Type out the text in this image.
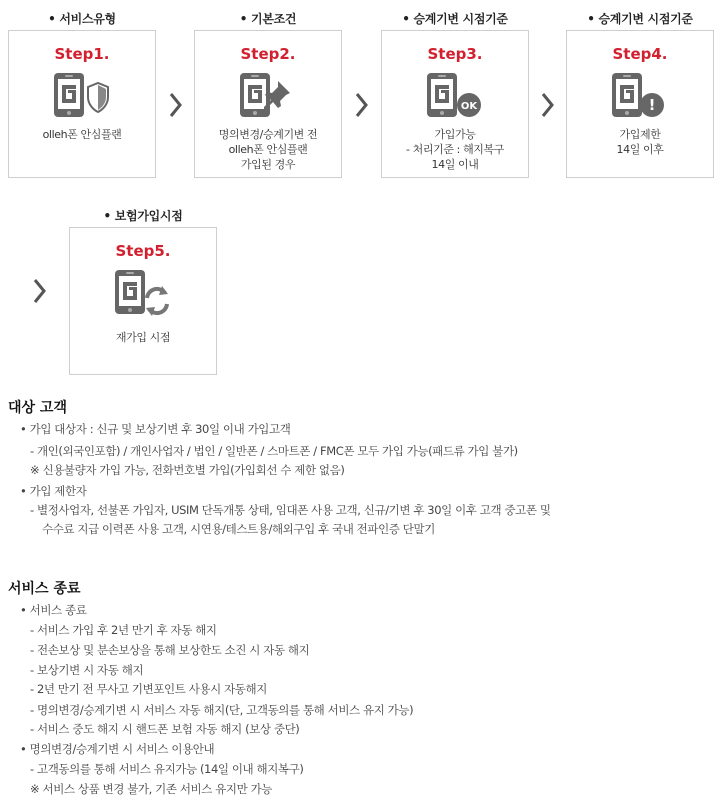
• 서비스유형
Step1.
olleh폰 안심플랜
• 기본조건
Step2.
명의변경/승계기변 전
olleh폰 안심플랜
가입된 경우
• 승계기변 시점기준
Step3.
OK
가입가능
- 처리기준 : 해지복구
14일 이내
• 승계기변 시점기준
Step4.
!
가입제한
14일 이후
• 보험가입시점
Step5.
재가입 시점
대상 고객
• 가입 대상자 : 신규 및 보상기변 후 30일 이내 가입고객
- 개인(외국인포함) / 개인사업자 / 법인 / 일반폰 / 스마트폰 / FMC폰 모두 가입 가능(패드류 가입 불가)
※ 신용불량자 가입 가능, 전화번호별 가입(가입회선 수 제한 없음)
• 가입 제한자
- 별정사업자, 선불폰 가입자, USIM 단독개통 상태, 임대폰 사용 고객, 신규/기변 후 30일 이후 고객 중고폰 및
수수료 지급 이력폰 사용 고객, 시연용/테스트용/해외구입 후 국내 전파인증 단말기
서비스 종료
• 서비스 종료
- 서비스 가입 후 2년 만기 후 자동 해지
- 전손보상 및 분손보상을 통해 보상한도 소진 시 자동 해지
- 보상기변 시 자동 해지
- 2년 만기 전 무사고 기변포인트 사용시 자동해지
- 명의변경/승계기변 시 서비스 자동 해지(단, 고객동의를 통해 서비스 유지 가능)
- 서비스 중도 해지 시 핸드폰 보험 자동 해지 (보상 중단)
• 명의변경/승계기변 시 서비스 이용안내
- 고객동의를 통해 서비스 유지가능 (14일 이내 해지복구)
※ 서비스 상품 변경 불가, 기존 서비스 유지만 가능
